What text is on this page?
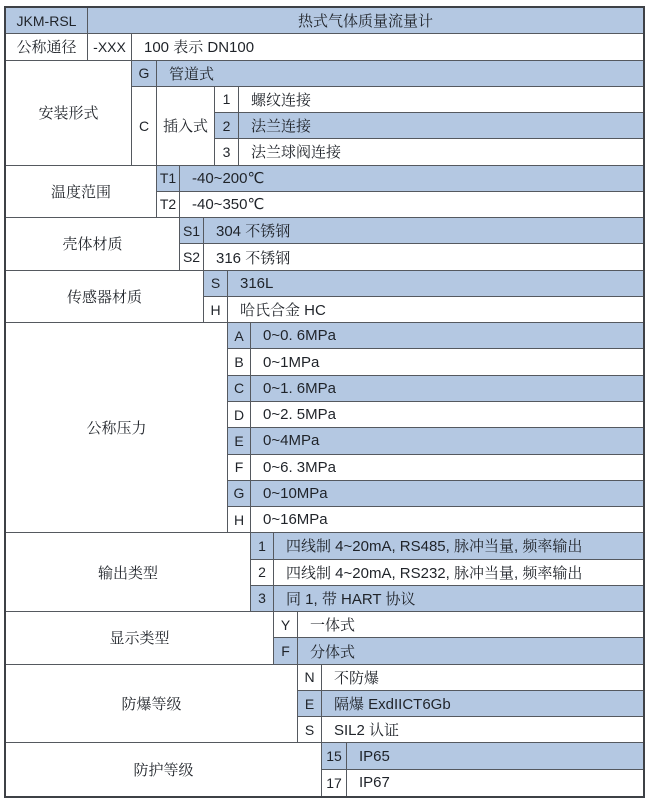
JKM-RSL	热式气体质量流量计
公称通径	-XXX	100 表示 DN100
安装形式
G	管道式
C 插入式
1	螺纹连接
2	法兰连接
3	法兰球阀连接
温度范围
T1	-40~200℃
T2	-40~350℃
壳体材质
S1	304 不锈钢
S2	316 不锈钢
传感器材质
S	316L
H	哈氏合金 HC
公称压力
A	0~0. 6MPa
B	0~1MPa
C	0~1. 6MPa
D	0~2. 5MPa
E	0~4MPa
F	0~6. 3MPa
G	0~10MPa
H	0~16MPa
输出类型
1	四线制 4~20mA, RS485, 脉冲当量, 频率输出
2	四线制 4~20mA, RS232, 脉冲当量, 频率输出
3	同 1, 带 HART 协议
显示类型
Y	一体式
F	分体式
防爆等级
N	不防爆
E	隔爆 ExdIICT6Gb
S	SIL2 认证
防护等级
15	IP65
17	IP67
